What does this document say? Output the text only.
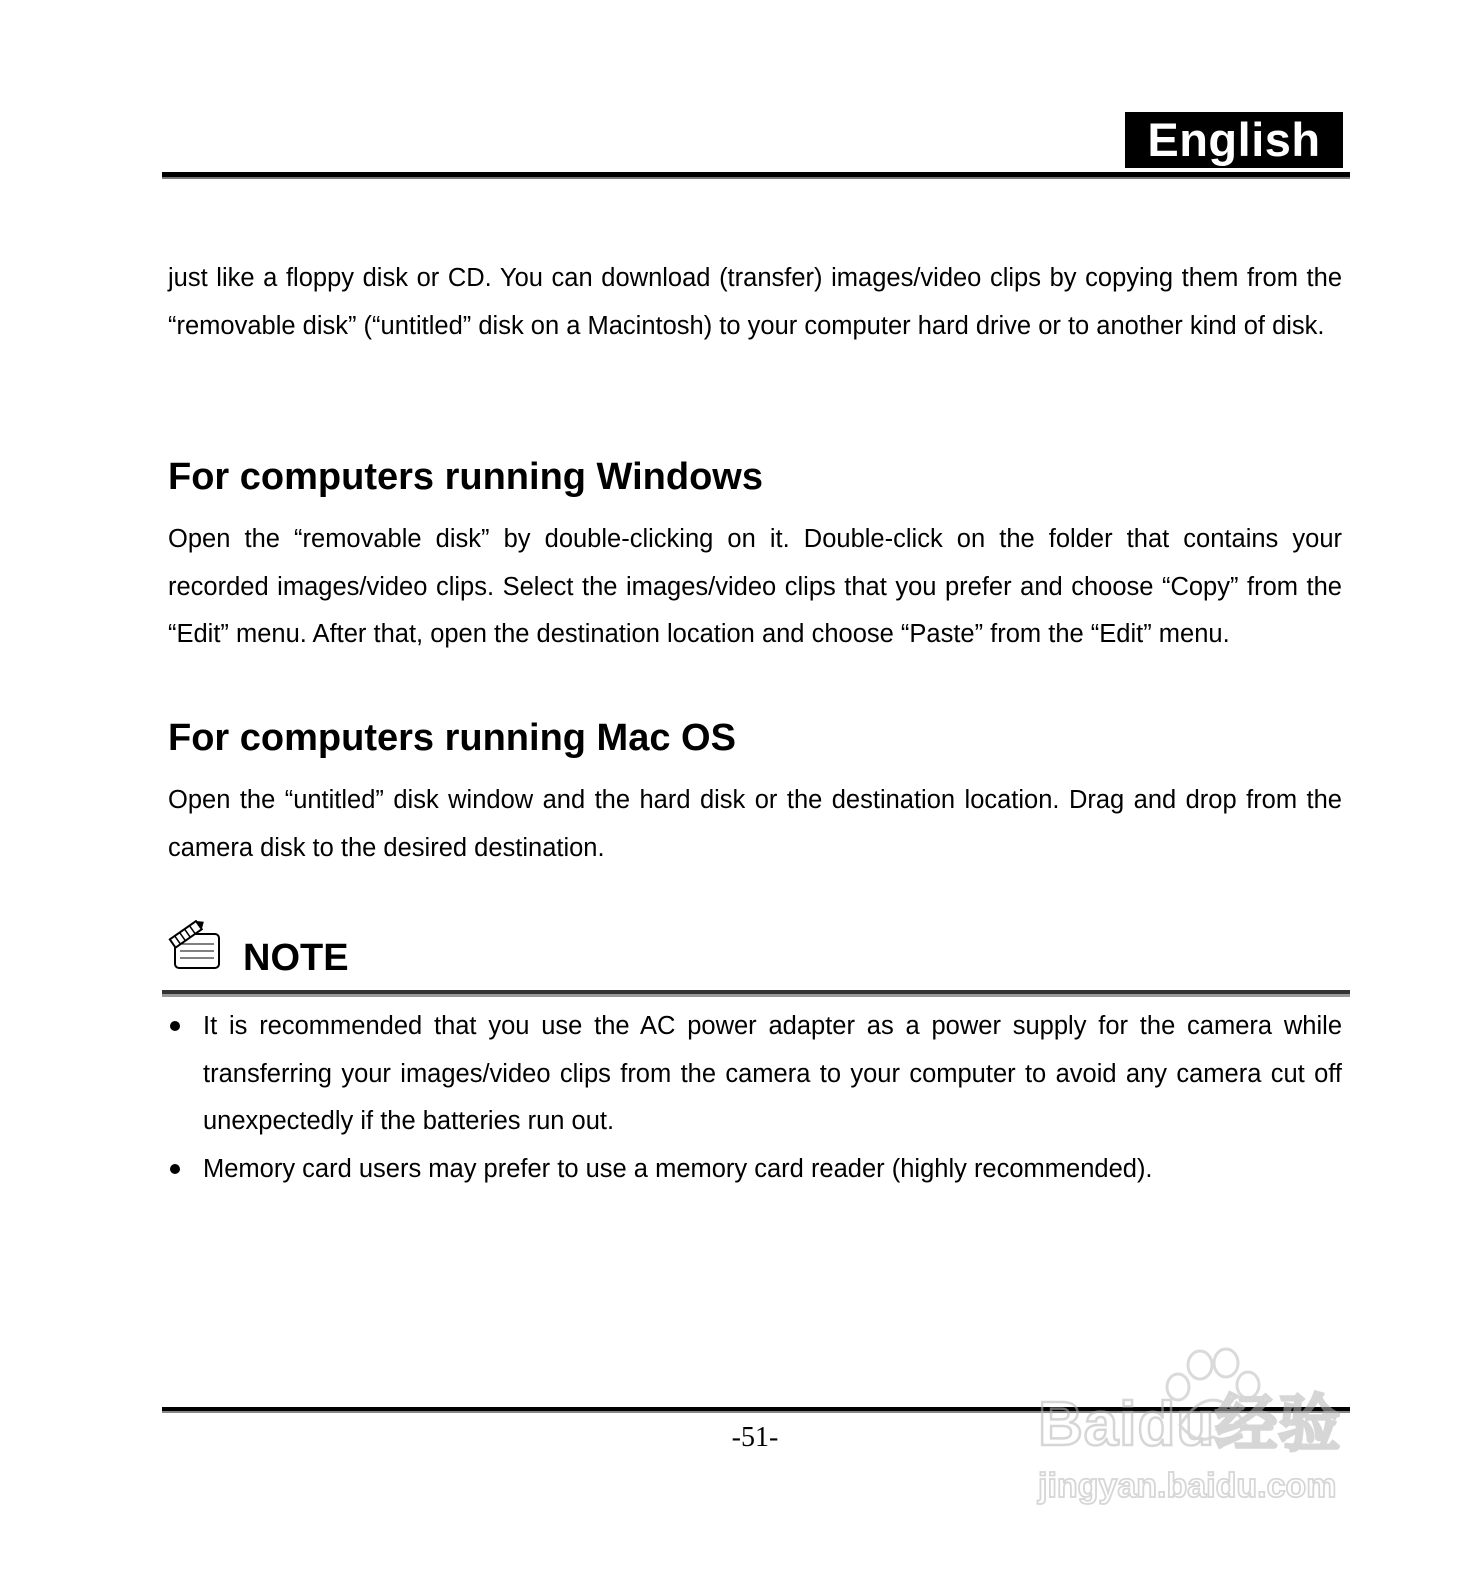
English

just like a floppy disk or CD. You can download (transfer) images/video clips by copying them from the “removable disk” (“untitled” disk on a Macintosh) to your computer hard drive or to another kind of disk.

For computers running Windows

Open the “removable disk” by double-clicking on it. Double-click on the folder that contains your recorded images/video clips. Select the images/video clips that you prefer and choose “Copy” from the “Edit” menu. After that, open the destination location and choose “Paste” from the “Edit” menu.

For computers running Mac OS

Open the “untitled” disk window and the hard disk or the destination location. Drag and drop from the camera disk to the desired destination.

NOTE
It is recommended that you use the AC power adapter as a power supply for the camera while transferring your images/video clips from the camera to your computer to avoid any camera cut off unexpectedly if the batteries run out.
Memory card users may prefer to use a memory card reader (highly recommended).
-51-	Baidu经验
jingyan.baidu.com
